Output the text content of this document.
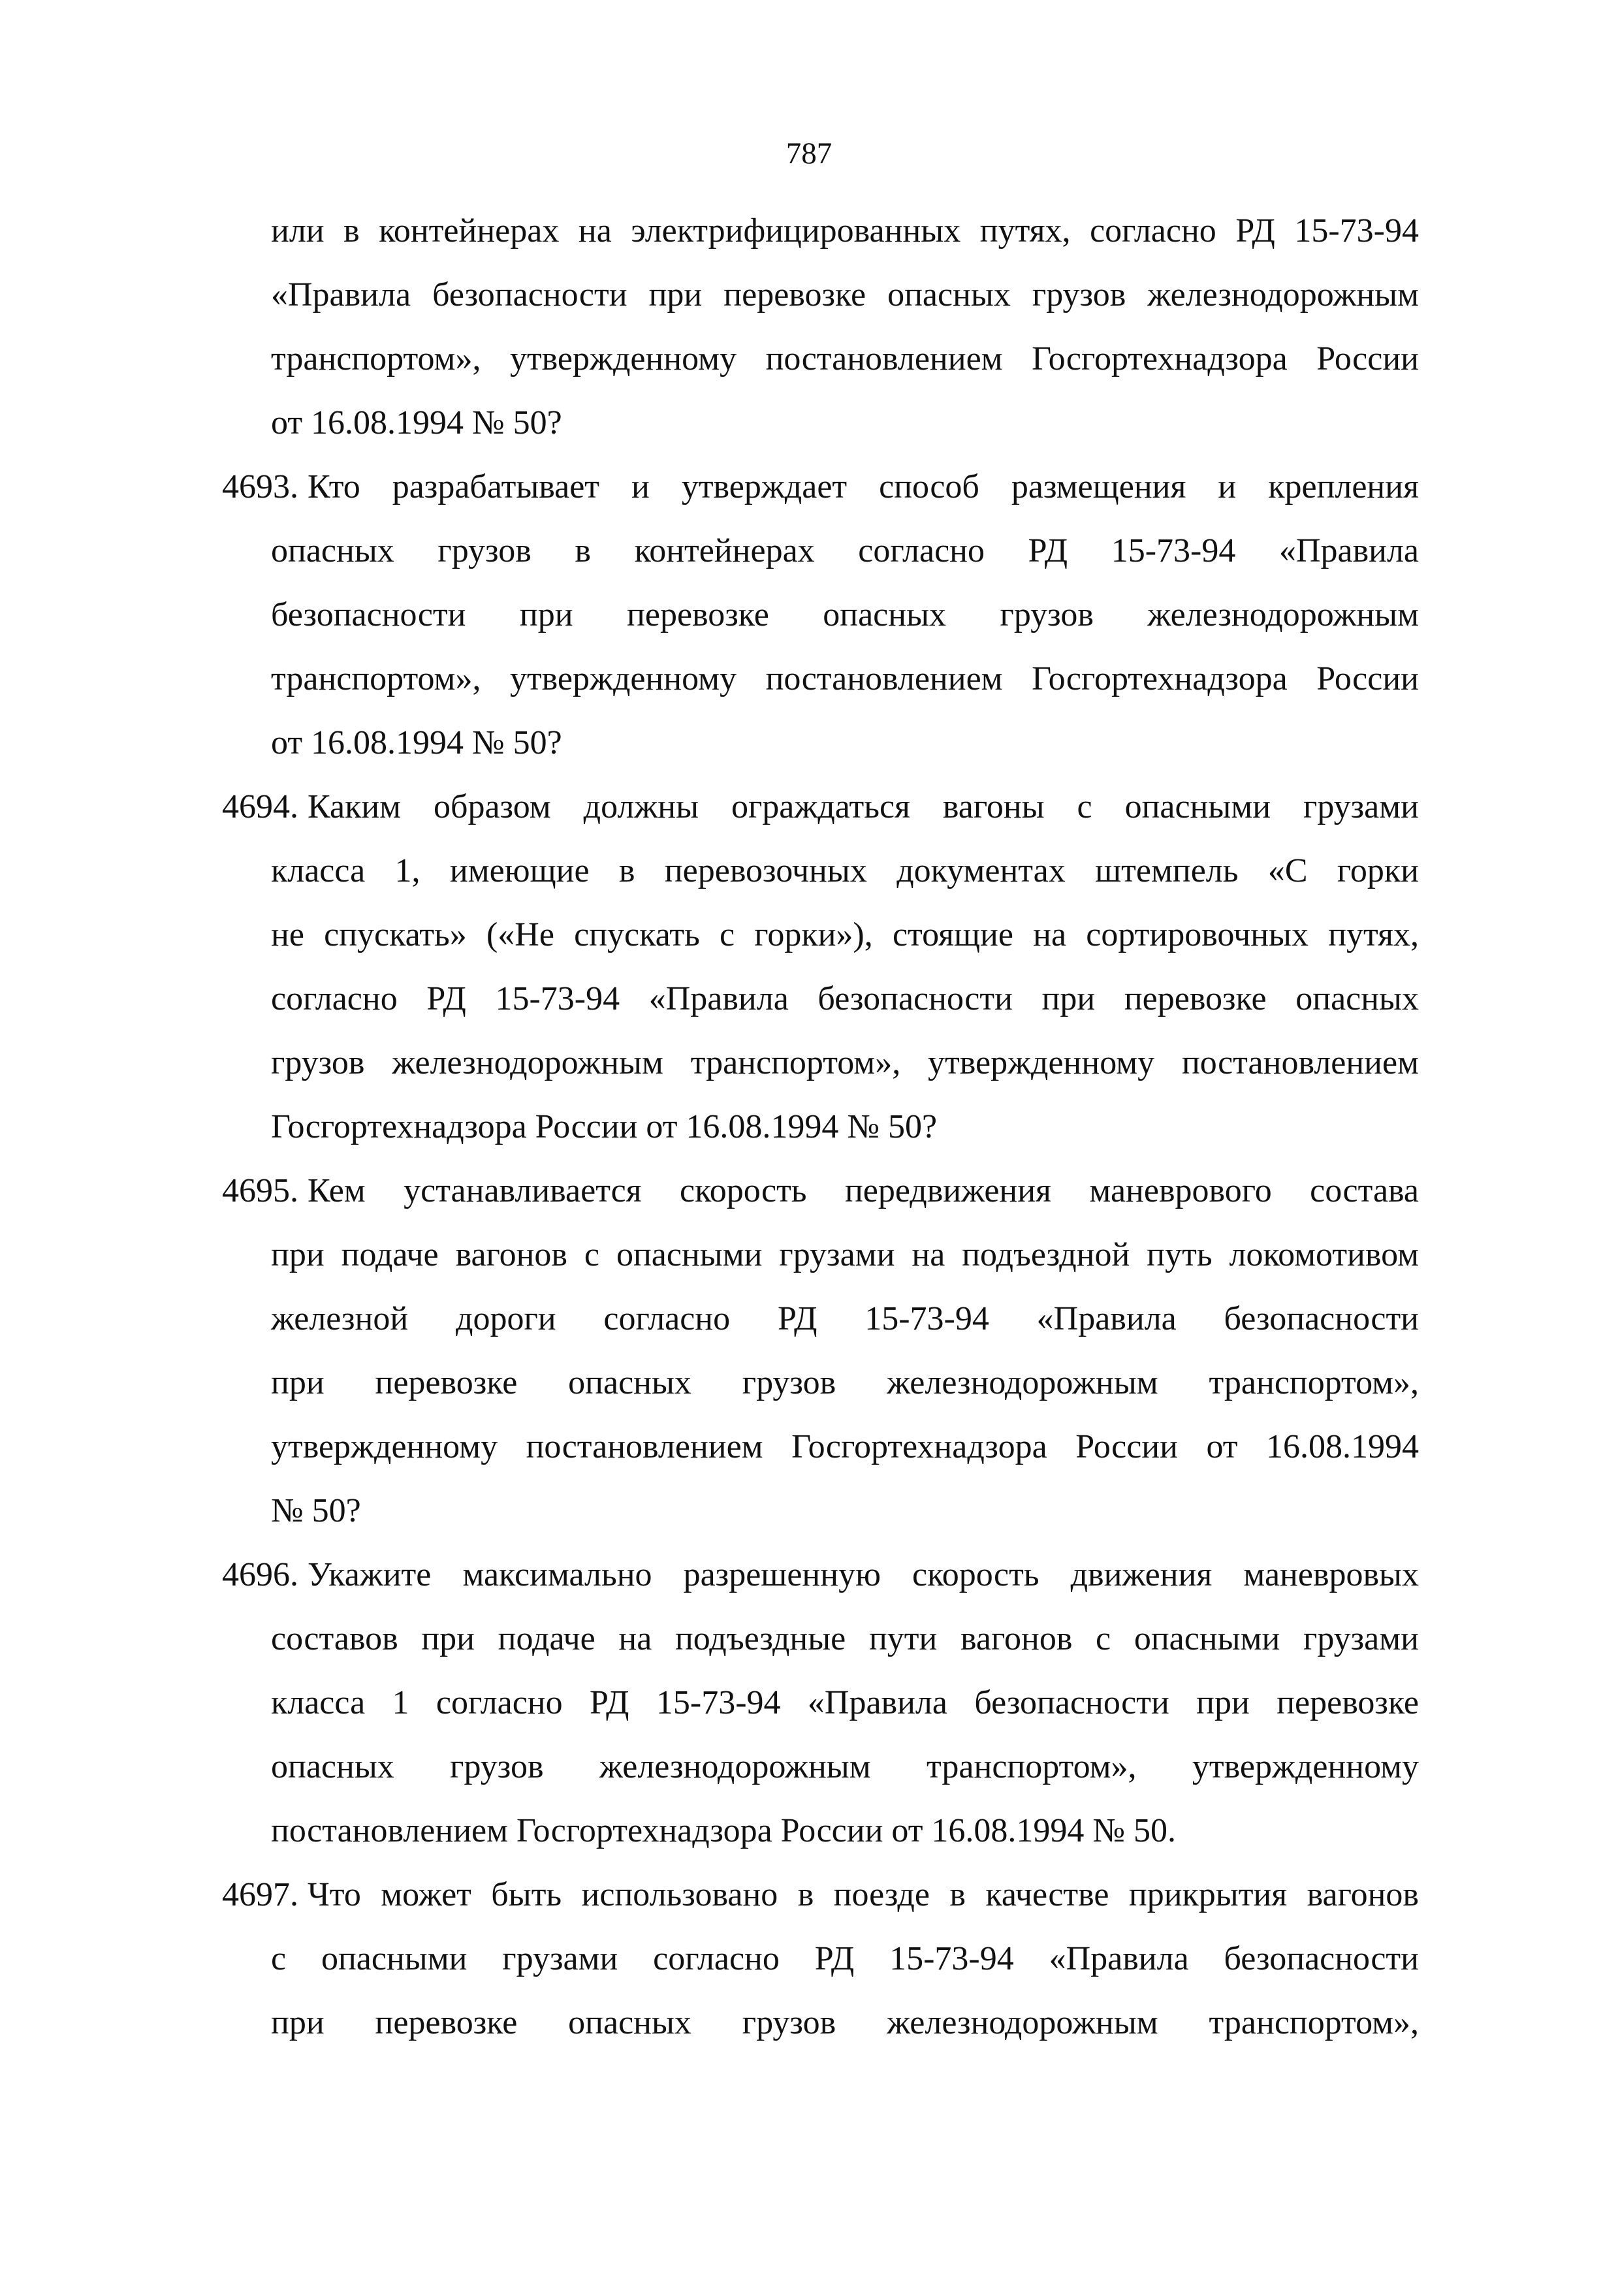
787
или в контейнерах на электрифицированных путях, согласно РД 15-73-94
«Правила безопасности при перевозке опасных грузов железнодорожным
транспортом», утвержденному постановлением Госгортехнадзора России
от 16.08.1994 № 50?
4693. Кто разрабатывает и утверждает способ размещения и крепления
опасных грузов в контейнерах согласно РД 15-73-94 «Правила
безопасности при перевозке опасных грузов железнодорожным
транспортом», утвержденному постановлением Госгортехнадзора России
от 16.08.1994 № 50?
4694. Каким образом должны ограждаться вагоны с опасными грузами
класса 1, имеющие в перевозочных документах штемпель «С горки
не спускать» («Не спускать с горки»), стоящие на сортировочных путях,
согласно РД 15-73-94 «Правила безопасности при перевозке опасных
грузов железнодорожным транспортом», утвержденному постановлением
Госгортехнадзора России от 16.08.1994 № 50?
4695. Кем устанавливается скорость передвижения маневрового состава
при подаче вагонов с опасными грузами на подъездной путь локомотивом
железной дороги согласно РД 15-73-94 «Правила безопасности
при перевозке опасных грузов железнодорожным транспортом»,
утвержденному постановлением Госгортехнадзора России от 16.08.1994
№ 50?
4696. Укажите максимально разрешенную скорость движения маневровых
составов при подаче на подъездные пути вагонов с опасными грузами
класса 1 согласно РД 15-73-94 «Правила безопасности при перевозке
опасных грузов железнодорожным транспортом», утвержденному
постановлением Госгортехнадзора России от 16.08.1994 № 50.
4697. Что может быть использовано в поезде в качестве прикрытия вагонов
с опасными грузами согласно РД 15-73-94 «Правила безопасности
при перевозке опасных грузов железнодорожным транспортом»,
